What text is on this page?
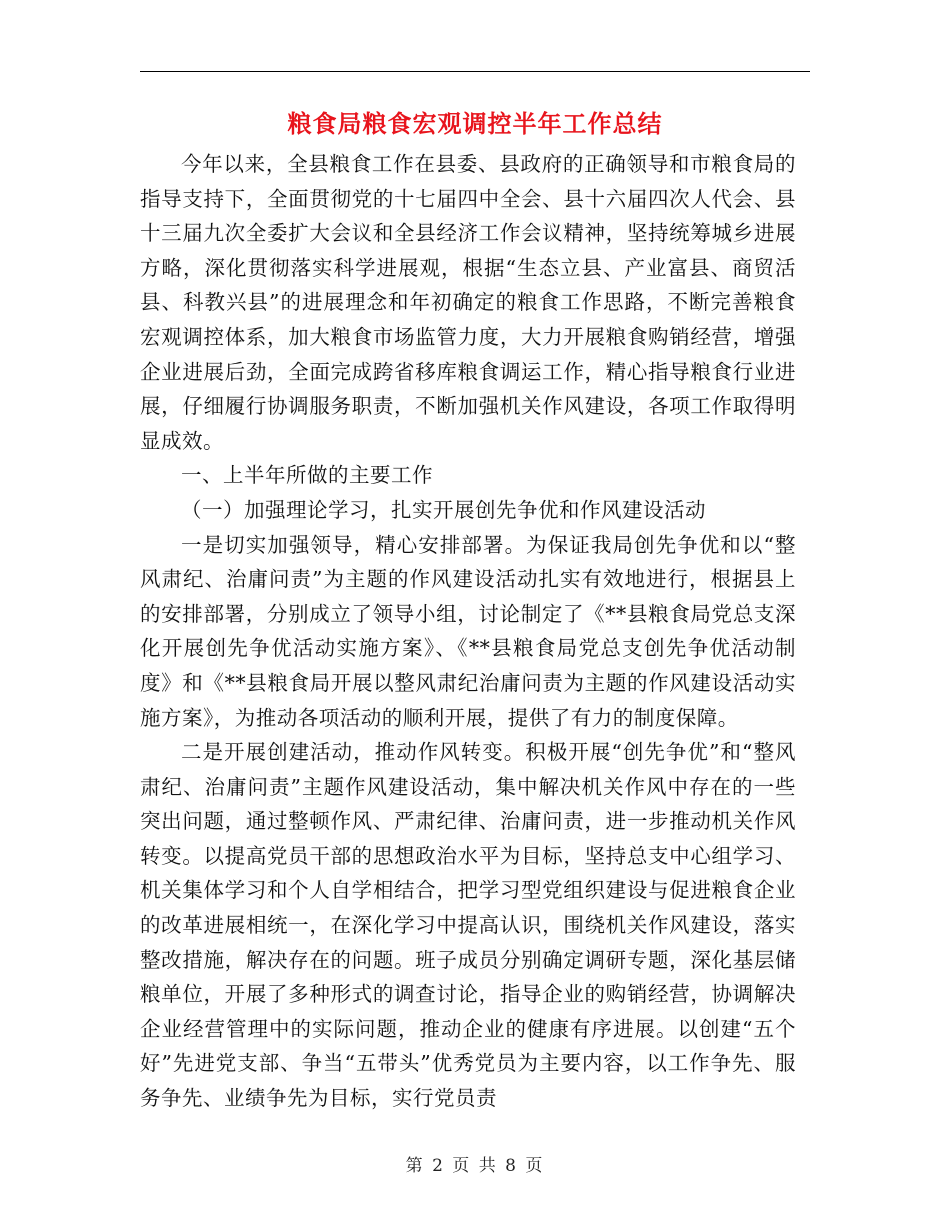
粮食局粮食宏观调控半年工作总结

今年以来，全县粮食工作在县委、县政府的正确领导和市粮食局的指导支持下，全面贯彻党的十七届四中全会、县十六届四次人代会、县十三届九次全委扩大会议和全县经济工作会议精神，坚持统筹城乡进展方略，深化贯彻落实科学进展观，根据“生态立县、产业富县、商贸活县、科教兴县”的进展理念和年初确定的粮食工作思路，不断完善粮食宏观调控体系，加大粮食市场监管力度，大力开展粮食购销经营，增强企业进展后劲，全面完成跨省移库粮食调运工作，精心指导粮食行业进展，仔细履行协调服务职责，不断加强机关作风建设，各项工作取得明显成效。

一、上半年所做的主要工作

（一）加强理论学习，扎实开展创先争优和作风建设活动

一是切实加强领导，精心安排部署。为保证我局创先争优和以“整风肃纪、治庸问责”为主题的作风建设活动扎实有效地进行，根据县上的安排部署，分别成立了领导小组，讨论制定了《**县粮食局党总支深化开展创先争优活动实施方案》、《**县粮食局党总支创先争优活动制度》和《**县粮食局开展以整风肃纪治庸问责为主题的作风建设活动实施方案》，为推动各项活动的顺利开展，提供了有力的制度保障。

二是开展创建活动，推动作风转变。积极开展“创先争优”和“整风肃纪、治庸问责”主题作风建设活动，集中解决机关作风中存在的一些突出问题，通过整顿作风、严肃纪律、治庸问责，进一步推动机关作风转变。以提高党员干部的思想政治水平为目标，坚持总支中心组学习、机关集体学习和个人自学相结合，把学习型党组织建设与促进粮食企业的改革进展相统一，在深化学习中提高认识，围绕机关作风建设，落实整改措施，解决存在的问题。班子成员分别确定调研专题，深化基层储粮单位，开展了多种形式的调查讨论，指导企业的购销经营，协调解决企业经营管理中的实际问题，推动企业的健康有序进展。以创建“五个好”先进党支部、争当“五带头”优秀党员为主要内容，以工作争先、服务争先、业绩争先为目标，实行党员责

第 2 页 共 8 页
